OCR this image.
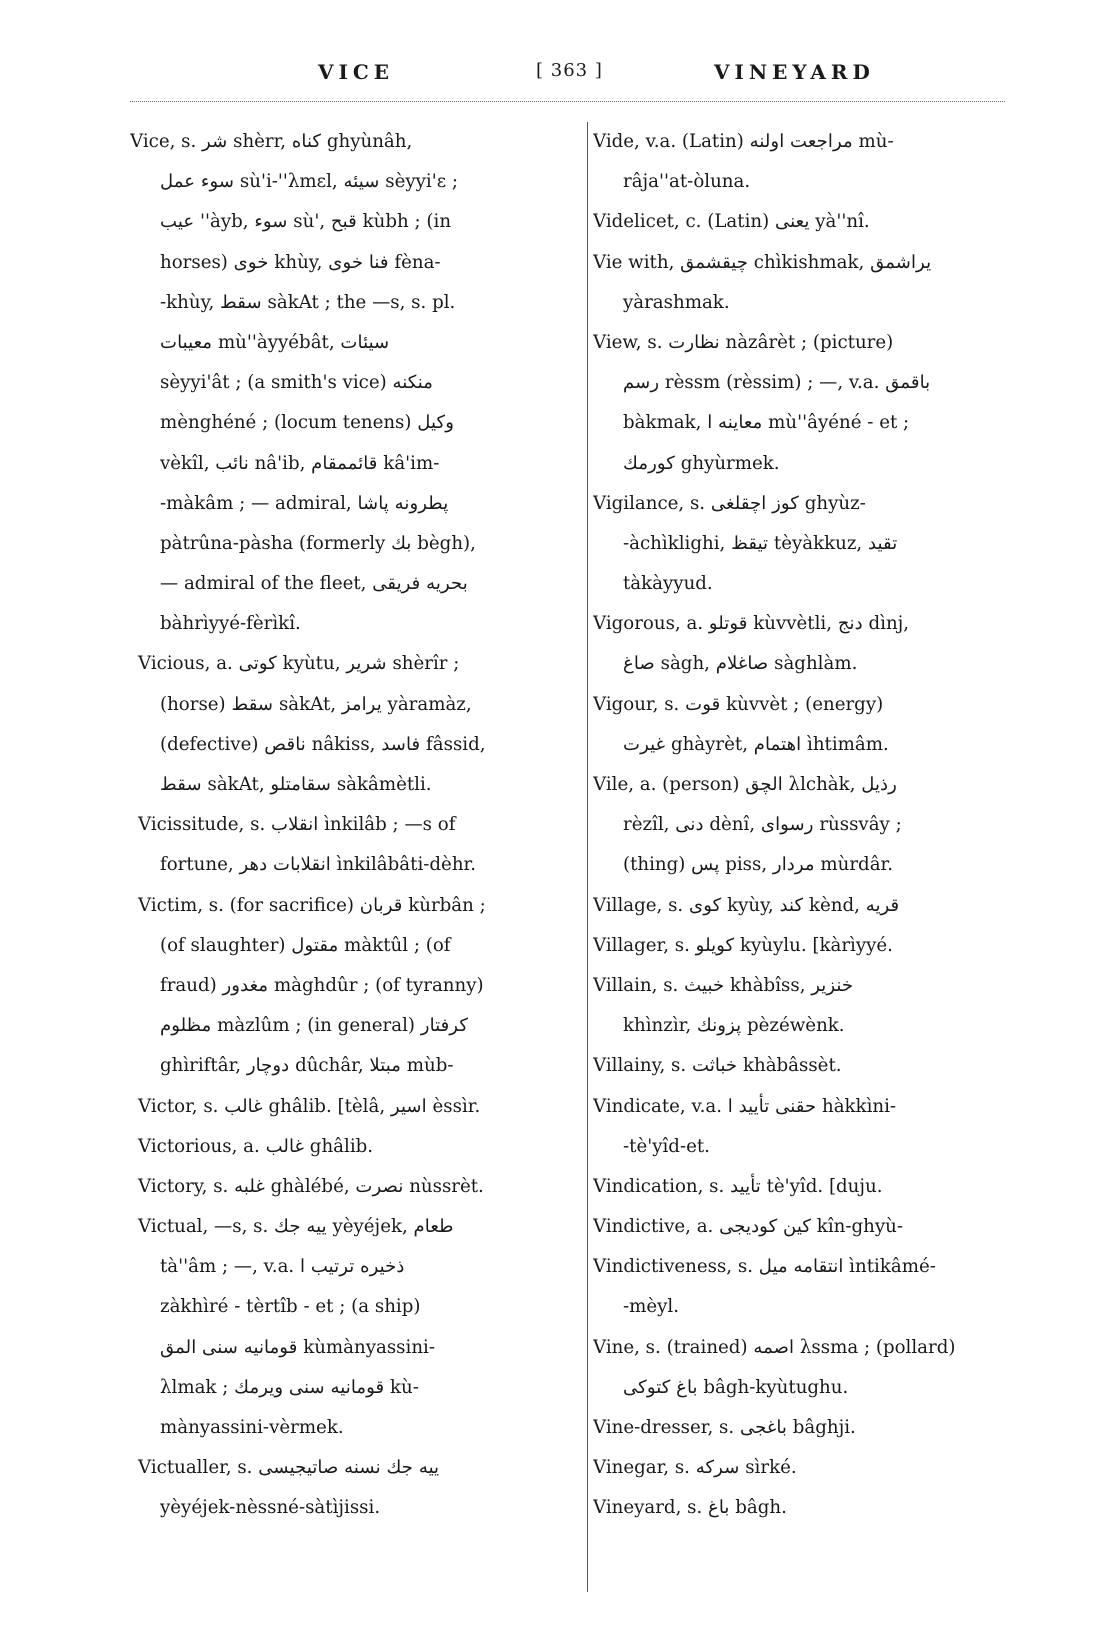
VICE	[ 363 ]	VINEYARD
Vice, s. شر shèrr, كناه ghyùnâh,
سوء عمل sù'i-''λmεl, سيئه sèyyi'ε ;
عيب ''àyb, سوء sù', قبح kùbh ; (in
horses) خوى khùy, فنا خوى fèna-
-khùy, سقط sàkAt ; the —s, s. pl.
معيبات mù''àyyébât, سيئات
sèyyi'ât ; (a smith's vice) منكنه
mènghéné ; (locum tenens) وكيل
vèkîl, نائب nâ'ib, قائممقام kâ'im-
-màkâm ; — admiral, پطرونه پاشا
pàtrûna-pàsha (formerly بك bègh),
— admiral of the fleet, بحريه فريقى
bàhrìyyé-fèrìkî.
Vicious, a. كوتى kyùtu, شرير shèrîr ;
(horse) سقط sàkAt, يرامز yàramàz,
(defective) ناقص nâkiss, فاسد fâssid,
سقط sàkAt, سقامتلو sàkâmètli.
Vicissitude, s. انقلاب ìnkilâb ; —s of
fortune, انقلابات دهر ìnkilâbâti-dèhr.
Victim, s. (for sacrifice) قربان kùrbân ;
(of slaughter) مقتول màktûl ; (of
fraud) مغدور màghdûr ; (of tyranny)
مظلوم màzlûm ; (in general) كرفتار
ghìriftâr, دوچار dûchâr, مبتلا mùb-
Victor, s. غالب ghâlib. [tèlâ, اسير èssìr.
Victorious, a. غالب ghâlib.
Victory, s. غلبه ghàlébé, نصرت nùssrèt.
Victual, —s, s. ييه جك yèyéjek, طعام
tà''âm ; —, v.a. ذخيره ترتيب ا
zàkhìré - tèrtîb - et ; (a ship)
قومانيه سنى المق kùmànyassini-
λlmak ; قومانيه سنى ويرمك kù-
mànyassini-vèrmek.
Victualler, s. ييه جك نسنه صاتيجيسى
yèyéjek-nèssné-sàtìjissi.
Vide, v.a. (Latin) مراجعت اولنه mù-
râja''at-òluna.
Videlicet, c. (Latin) يعنى yà''nî.
Vie with, چيقشمق chìkishmak, يراشمق
yàrashmak.
View, s. نظارت nàzârèt ; (picture)
رسم rèssm (rèssim) ; —, v.a. باقمق
bàkmak, معاينه ا mù''âyéné - et ;
كورمك ghyùrmek.
Vigilance, s. كوز اچقلغى ghyùz-
-àchìklighi, تيقظ tèyàkkuz, تقيد
tàkàyyud.
Vigorous, a. قوتلو kùvvètli, دنج dìnj,
صاغ sàgh, صاغلام sàghlàm.
Vigour, s. قوت kùvvèt ; (energy)
غيرت ghàyrèt, اهتمام ìhtimâm.
Vile, a. (person) الچق λlchàk, رذيل
rèzîl, دنى dènî, رسواى rùssvây ;
(thing) پس piss, مردار mùrdâr.
Village, s. كوى kyùy, كند kènd, قريه
Villager, s. كويلو kyùylu. [kàrìyyé.
Villain, s. خبيث khàbîss, خنزير
khìnzìr, پزونك pèzéwènk.
Villainy, s. خباثت khàbâssèt.
Vindicate, v.a. حقنى تأييد ا hàkkìni-
-tè'yîd-et.
Vindication, s. تأييد tè'yîd. [duju.
Vindictive, a. كين كوديجى kîn-ghyù-
Vindictiveness, s. انتقامه ميل ìntikâmé-
-mèyl.
Vine, s. (trained) اصمه λssma ; (pollard)
باغ كتوكى bâgh-kyùtughu.
Vine-dresser, s. باغجى bâghji.
Vinegar, s. سركه sìrké.
Vineyard, s. باغ bâgh.
